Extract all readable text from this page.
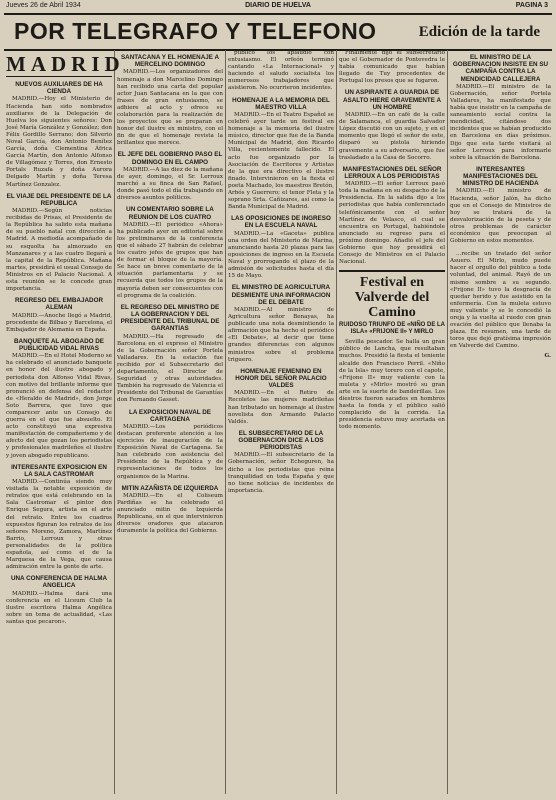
Jueves 26 de Abril 1934	DIARIO DE HUELVA	PAGINA 3
POR TELEGRAFO Y TELEFONO	Edición de la tarde
MADRID
NUEVOS AUXILIARES DE HA CIENDA

MADRID.—Hoy el Ministerio de Hacienda han sido nombrados auxiliares de la Delegación de Huelva los siguientes señores: Don José María González y González; don Félix Gordillo Serrano; don Silverio Noval García, don Antonio Benítez García, doña Clementina África García Martín, don Antonio Alfonso de Villagómez y Torres, don Ernesto Portals Ruzafa y doña Aurora Delgado Martín y doña Teresa Martínez Gonzalez.

EL VIAJE DEL PRESIDENTE DE LA REPUBLICA

MADRID.—Según noticias recibidas de Prisas, el Presidente de la República ha salido esta mañana de su pueblo natal con dirección a Madrid. A mediodía acompañado de su esquolta ha almorzado en Manzanares y a las cuatro llegará a la capital de la República. Mañana martes, presidirá el usual Consejo de Ministros en el Palacio Nacional. A esta reunión se le concede gran importancia.

REGRESO DEL EMBAJADOR ALEMAN

MADRID.—Anoche llegó a Madrid, procedente de Bilbao y Barcelona, el Embajador de Alemania en España.

BANQUETE AL ABOGADO DE PUBLICIDAD VIDAL RIVAS

MADRID.—En el Hotel Moderno se ha celebrado el anunciado banquete en honor del ilustre abogado y periodista don Alfonso Vidal Rivas, con motivo del brillante informe que pronunció en defensa del redactor de «Heraldo de Madrid», don Jorge Soto Barrera, que tuvo que comparecer ante un Consejo de guerra en el que fue absuelto. El acto constituyó una expresiva manifestación de compañerismo y de afecto del que gozan los periodistas y profesionales madrileños el ilustre y joven abogado republicano.

INTERESANTE EXPOSICION EN LA SALA CASTROMAR

MADRID.—Continúa siendo muy visitada la notable exposición de retratos que está celebrando en la Sala Castromar el pintor don Enrique Segura, artista en el arte del retrato. Entre los cuadros expuestos figuran los retratos de los señores Moreno, Zamora, Martínez Barrio, Lerroux y otras personalidades de la política española, así como el de la Marquesa de la Vega, que causa admiración entre la gente de arte.

UNA CONFERENCIA DE HALMA ANGELICA

MADRID.—Halma dará una conferencia en el Liceum Club la ilustre escritora Halma Angélica sobre un tema de actualidad, «Las santas que pecaron».

SANTACANA Y EL HOMENAJE A MERCELINO DOMINGO

MADRID.—Los organizadores del homenaje a don Marcelino Domingo han recibido una carta del popular actor Juan Santacana en la que con frases de gran entusiasmo, se adhiere al acto y ofrece su colaboración para la realización de los proyectos que se preparan en honor del ilustre ex ministro, con el fin de que el homenaje revista la brillantez que merece.

EL JEFE DEL GOBIERNO PASO EL DOMINGO EN EL CAMPO

MADRID.—A las diez de la mañana de ayer, domingo, el Sr. Lerroux marchó a su finca de San Rafael, donde pasó todo el día trabajando en diversos asuntos políticos.

UN COMENTARIO SOBRE LA REUNION DE LOS CUATRO

MADRID.—El periódico «Ahora» ha publicado ayer un editorial sobre los preliminares de la conferencia que el sábado 27 habrán de celebrar los cuatro jefes de grupos que han de formar el bloque de la mayoría. Se hace un breve comentario de la situación parlamentaria y se recuerda que todos los grupos de la mayoría deben ser consecuentes con el programa de la coalición.

EL REGRESO DEL MINISTRO DE LA GOBERNACION Y DEL PRESIDENTE DEL TRIBUNAL DE GARANTIAS

MADRID.—Ha regresado de Barcelona en el expreso el Ministro de la Gobernación señor Portela Valladares. En la estación fue recibido por el Subsecretario del departamento, el Director de Seguridad y otras autoridades. También ha regresado de Valencia el Presidente del Tribunal de Garantías don Fernando Gasset.

LA EXPOSICION NAVAL DE CARTAGENA

MADRID.—Los periódicos destacan preferente atención a los ejercicios de inauguración de la Exposición Naval de Cartagena. Se han celebrado con asistencia del Presidente de la República y de representaciones de todos los organismos de la Marina.

MITIN AZAÑISTA DE IZQUIERDA

MADRID.—En el Coliseum Pardiñas se ha celebrado el anunciado mitin de Izquierda Republicana, en el que intervinieron diversos oradores que atacaron duramente la política del Gobierno.

público los aplaudió con entusiasmo. El orfeón terminó cantando «La Internacional» y haciendo el saludo socialista los numerosos trabajadores que asistieron. No ocurrieron incidentes.

HOMENAJE A LA MEMORIA DEL MAESTRO VILLA

MADRID.—En el Teatro Español se celebró ayer tarde un festival en homenaje a la memoria del ilustre músico, director que fue de la Banda Municipal de Madrid, don Ricardo Villa, recientemente fallecido. El acto fue organizado por la Asociación de Escritores y Artistas de la que era directivo el ilustre finado. Intervinieron en la fiesta el poeta Machado, los maestros Bretón, Arbós y Guerrero; el tenor Fleta y la soprano Srta. Cañizares, así como la Banda Municipal de Madrid.

LAS OPOSICIONES DE INGRESO EN LA ESCUELA NAVAL

MADRID.—La «Gaceta» publica una orden del Ministerio de Marina, anunciando hasta 20 plazas para las oposiciones de ingreso en la Escuela Naval y prorrogando el plazo de la admisión de solicitudes hasta el día 15 de Mayo.

EL MINISTRO DE AGRICULTURA DESMIENTE UNA INFORMACION DE EL DEBATE

MADRID.—Al ministro de Agricultura señor Benayas, ha publicado una nota desmintiendo la afirmación que ha hecho el periódico «El Debate», al decir que tiene grandes diferencias con algunos ministros sobre el problema triguero.

HOMENAJE FEMENINO EN HONOR DEL SEÑOR PALACIO VALDES

MADRID.—En el Retiro de Recoletos las mujeres madrileñas han tributado un homenaje al ilustre novelista don Armando Palacio Valdés.

EL SUBSECRETARIO DE LA GOBERNACION DICE A LOS PERIODISTAS

MADRID.—El subsecretario de la Gobernación, señor Echeguren, ha dicho a los periodistas que reina tranquilidad en toda España y que no tiene noticias de incidentes de importancia.

Finalmente dijo el subsecretario que el Gobernador de Pontevedra le había comunicado que habían llegado de Tuy procedentes de Portugal los presos que se fugaron.

UN ASPIRANTE A GUARDIA DE ASALTO HIERE GRAVEMENTE A UN HOMBRE

MADRID.—En un café de la calle de Salamanca, el guardia Salvador López discutió con un sujeto, y en el momento que llegó el señor de este, disparó su pistola hiriendo gravemente a su adversario, que fue trasladado a la Casa de Socorro.

MANIFESTACIONES DEL SEÑOR LERROUX A LOS PERIODISTAS

MADRID.—El señor Lerroux pasó toda la mañana en su despacho de la Presidencia. En la salida dijo a los periodistas que había conferenciado telefónicamente con el señor Martínez de Velasco, el cual se encuentra en Portugal, habiéndole anunciado su regreso para el próximo domingo. Añadió el jefe del Gobierno que hoy presidirá el Consejo de Ministros en el Palacio Nacional.

Festival en Valverde del Camino
RUIDOSO TRIUNFO DE «NIÑO DE LA ISLA» «FRIJONE II» Y MIRLO

Sevilla pescador. Se halla un gran público de Lancha, que resultaban muchos. Presidió la fiesta el teniente alcalde don Francisco Perril. «Niño de la Isla» muy torero con el capote, «Frijone II» muy valiente con la muleta y «Mirlo» mostró su gran arte en la suerte de banderillas. Los diestros fueron sacados en hombros hasta la fonda y el público salió complacido de la corrida. La presidencia estuvo muy acertada en todo momento.

EL MINISTRO DE LA GOBERNACION INSISTE EN SU CAMPAÑA CONTRA LA MENDICIDAD CALLEJERA

MADRID.—El ministro de la Gobernación, señor Portela Valladares, ha manifestado que había que insistir en la campaña de saneamiento social contra la mendicidad, citándose dos incidentes que se habían producido en Barcelona en días próximos. Dijo que esta tarde visitará al señor Lerroux para informarle sobre la situación de Barcelona.

INTERESANTES MANIFESTACIONES DEL MINISTRO DE HACIENDA

MADRID.—El ministro de Hacienda, señor Jalón, ha dicho que en el Consejo de Ministros de hoy se tratará de la desvalorización de la peseta y de otros problemas de carácter económico que preocupan al Gobierno en estos momentos.

...recibe un tratado del señor Asuero. El Mirlo, mudo puede hacer el orgullo del público a toda voluntad, del animal. Rayó de un mismo sombre a su segundo. «Frijone II» tuvo la desgracia de quedar herido y fue asistido en la enfermería. Con la muleta estuvo muy valiente y se le concedió la oreja y la vuelta al ruedo con gran ovación del público que llenaba la plaza. En resumen, una tarde de toros que dejó gratísima impresión en Valverde del Camino.

G.
